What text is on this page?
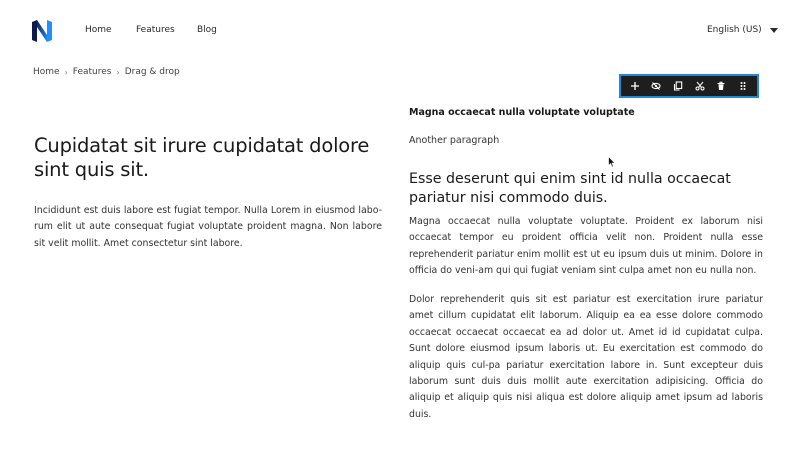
Home	Features Blog	English (US)
Home › Features › Drag & drop
Cupidatat sit irure cupidatat dolore sint quis sit.
Incididunt est duis labore est fugiat tempor. Nulla Lorem in eiusmod labo-rum elit ut aute consequat fugiat voluptate proident magna. Non labore sit velit mollit. Amet consectetur sint labore.
Magna occaecat nulla voluptate voluptate
Another paragraph
Esse deserunt qui enim sint id nulla occaecat pariatur nisi commodo duis.
Magna occaecat nulla voluptate voluptate. Proident ex laborum nisi occaecat tempor eu proident officia velit non. Proident nulla esse reprehenderit pariatur enim mollit est ut eu ipsum duis ut minim. Dolore in officia do veni-am qui qui fugiat veniam sint culpa amet non eu nulla non.
Dolor reprehenderit quis sit est pariatur est exercitation irure pariatur amet cillum cupidatat elit laborum. Aliquip ea ea esse dolore commodo occaecat occaecat occaecat ea ad dolor ut. Amet id id cupidatat culpa. Sunt dolore eiusmod ipsum laboris ut. Eu exercitation est commodo do aliquip quis cul-pa pariatur exercitation labore in. Sunt excepteur duis laborum sunt duis duis mollit aute exercitation adipisicing. Officia do aliquip et aliquip quis nisi aliqua est dolore aliquip amet ipsum ad laboris duis.
